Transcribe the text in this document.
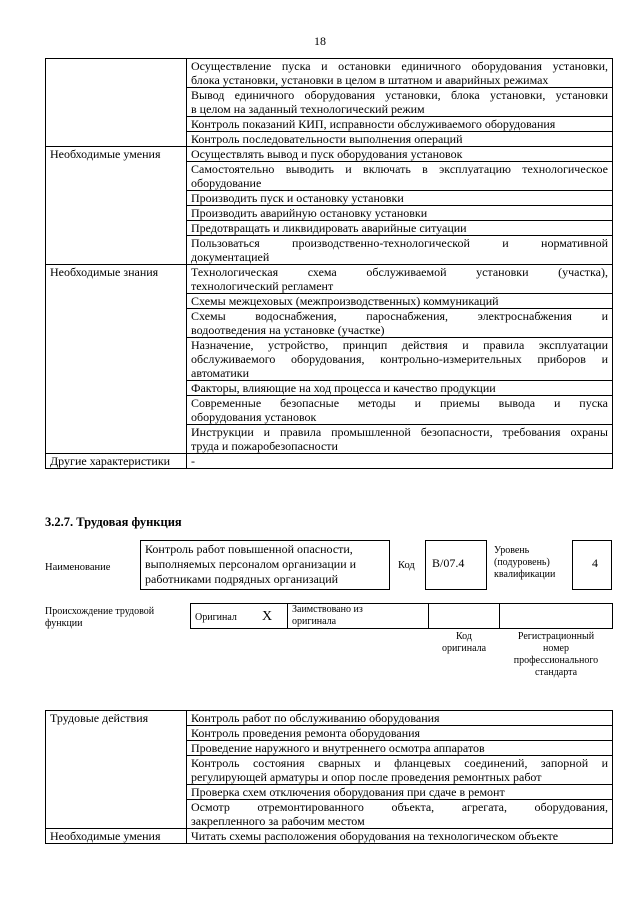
18

	Осуществление пуска и остановки единичного оборудования установки,
блока установки, установки в целом в штатном и аварийных режимах

	Вывод единичного оборудования установки, блока установки, установки
в целом на заданный технологический режим

	Контроль показаний КИП, исправности обслуживаемого оборудования

	Контроль последовательности выполнения операций

Необходимые умения	Осуществлять вывод и пуск оборудования установок

	Самостоятельно выводить и включать в эксплуатацию технологическое
оборудование

	Производить пуск и остановку установки

	Производить аварийную остановку установки

	Предотвращать и ликвидировать аварийные ситуации

	Пользоваться производственно-технологической и нормативной
документацией

Необходимые знания	Технологическая схема обслуживаемой установки (участка),
технологический регламент

	Схемы межцеховых (межпроизводственных) коммуникаций

	Схемы водоснабжения, пароснабжения, электроснабжения и
водоотведения на установке (участке)

	Назначение, устройство, принцип действия и правила эксплуатации
обслуживаемого оборудования, контрольно-измерительных приборов и
автоматики

	Факторы, влияющие на ход процесса и качество продукции

	Современные безопасные методы и приемы вывода и пуска
оборудования установок

	Инструкции и правила промышленной безопасности, требования охраны
труда и пожаробезопасности

Другие характеристики	-
3.2.7. Трудовая функция
Наименование
Контроль работ повышенной опасности,
выполняемых персоналом организации и
работниками подрядных организаций
Код B/07.4
Уровень
(подуровень)
квалификации
4
Происхождение трудовой
функции
Оригинал X Заимствовано из
оригинала
Код
оригинала
Регистрационный
номер
профессионального
стандарта
Трудовые действия	Контроль работ по обслуживанию оборудования

	Контроль проведения ремонта оборудования

	Проведение наружного и внутреннего осмотра аппаратов

	Контроль состояния сварных и фланцевых соединений, запорной и
регулирующей арматуры и опор после проведения ремонтных работ

	Проверка схем отключения оборудования при сдаче в ремонт

	Осмотр отремонтированного объекта, агрегата, оборудования,
закрепленного за рабочим местом

Необходимые умения	Читать схемы расположения оборудования на технологическом объекте
